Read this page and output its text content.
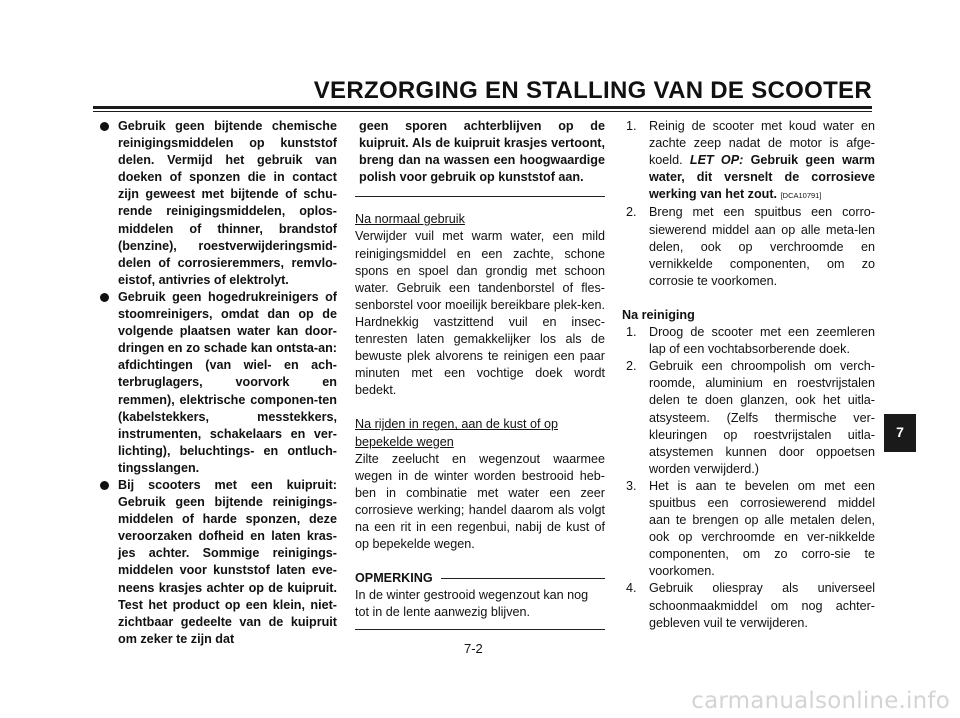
VERZORGING EN STALLING VAN DE SCOOTER
Gebruik geen bijtende chemische reinigingsmiddelen op kunststof delen. Vermijd het gebruik van doeken of sponzen die in contact zijn geweest met bijtende of schu-rende reinigingsmiddelen, oplos-middelen of thinner, brandstof (benzine), roestverwijderingsmid-delen of corrosieremmers, remvlo-eistof, antivries of elektrolyt.
Gebruik geen hogedrukreinigers of stoomreinigers, omdat dan op de volgende plaatsen water kan door-dringen en zo schade kan ontsta-an: afdichtingen (van wiel- en ach-terbruglagers, voorvork en remmen), elektrische componen-ten (kabelstekkers, messtekkers, instrumenten, schakelaars en ver-lichting), beluchtings- en ontluch-tingsslangen.
Bij scooters met een kuipruit: Gebruik geen bijtende reinigings-middelen of harde sponzen, deze veroorzaken dofheid en laten kras-jes achter. Sommige reinigings-middelen voor kunststof laten eve-neens krasjes achter op de kuipruit. Test het product op een klein, niet-zichtbaar gedeelte van de kuipruit om zeker te zijn dat
geen sporen achterblijven op de kuipruit. Als de kuipruit krasjes vertoont, breng dan na wassen een hoogwaardige polish voor gebruik op kunststof aan.

Na normaal gebruik

Verwijder vuil met warm water, een mild reinigingsmiddel en een zachte, schone spons en spoel dan grondig met schoon water. Gebruik een tandenborstel of fles-senborstel voor moeilijk bereikbare plek-ken. Hardnekkig vastzittend vuil en insec-tenresten laten gemakkelijker los als de bewuste plek alvorens te reinigen een paar minuten met een vochtige doek wordt bedekt.

Na rijden in regen, aan de kust of op bepekelde wegen

Zilte zeelucht en wegenzout waarmee wegen in de winter worden bestrooid heb-ben in combinatie met water een zeer corrosieve werking; handel daarom als volgt na een rit in een regenbui, nabij de kust of op bepekelde wegen.

OPMERKING

In de winter gestrooid wegenzout kan nog tot in de lente aanwezig blijven.

1. Reinig de scooter met koud water en zachte zeep nadat de motor is afge-koeld. LET OP: Gebruik geen warm water, dit versnelt de corrosieve werking van het zout. [DCA10791]
2. Breng met een spuitbus een corro-siewerend middel aan op alle meta-len delen, ook op verchroomde en vernikkelde componenten, om zo corrosie te voorkomen.

Na reiniging

1. Droog de scooter met een zeemleren lap of een vochtabsorberende doek.
2. Gebruik een chroompolish om verch-roomde, aluminium en roestvrijstalen delen te doen glanzen, ook het uitla-atsysteem. (Zelfs thermische ver-kleuringen op roestvrijstalen uitla-atsystemen kunnen door oppoetsen worden verwijderd.)
3. Het is aan te bevelen om met een spuitbus een corrosiewerend middel aan te brengen op alle metalen delen, ook op verchroomde en ver-nikkelde componenten, om zo corro-sie te voorkomen.
4. Gebruik oliespray als universeel schoonmaakmiddel om nog achter-gebleven vuil te verwijderen.
7
7-2
carmanualsonline.info
